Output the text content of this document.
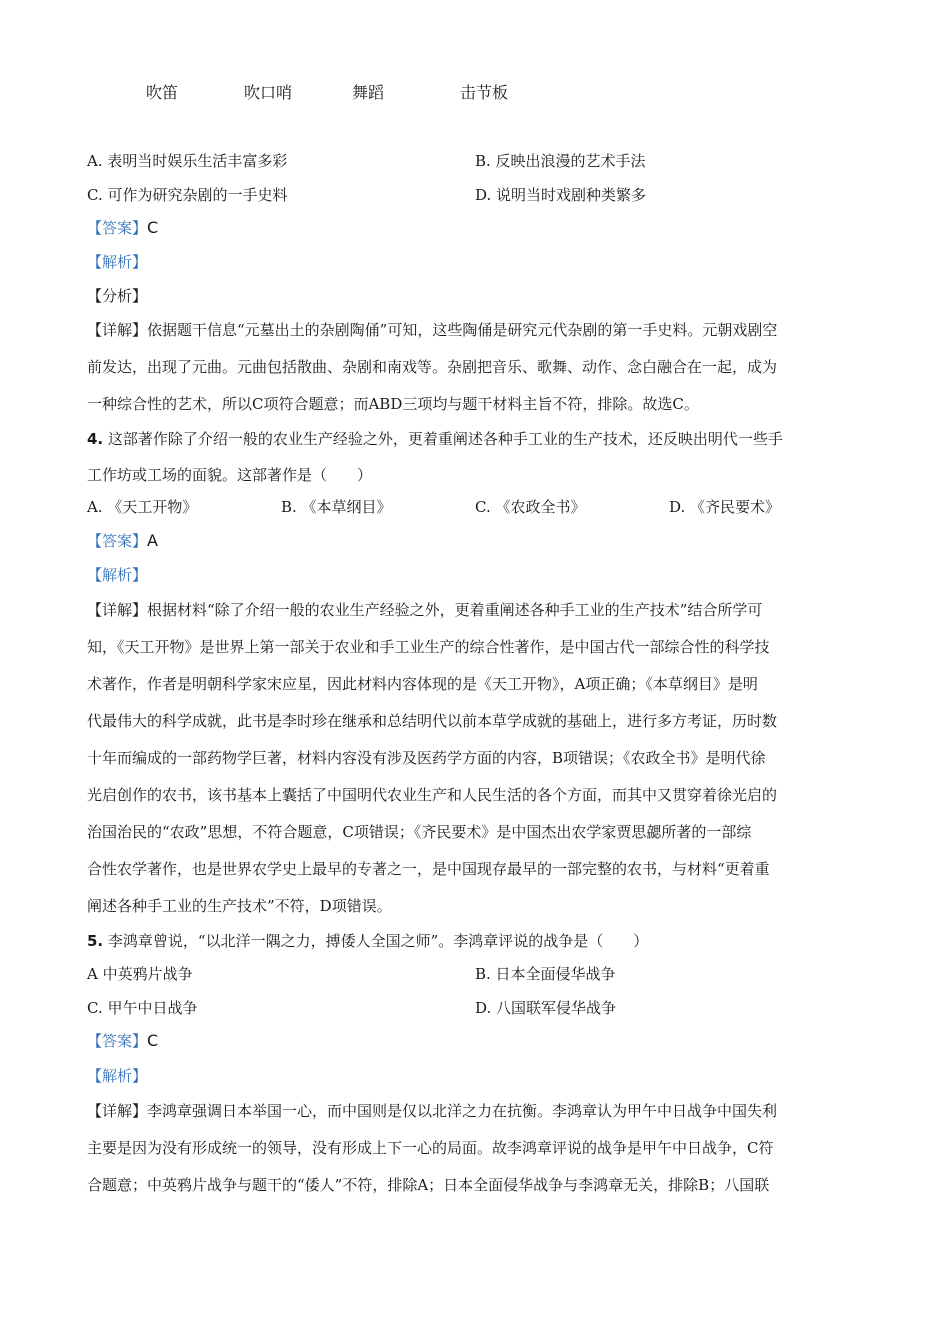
吹笛	吹口哨	舞蹈	击节板
A. 表明当时娱乐生活丰富多彩	B. 反映出浪漫的艺术手法
C. 可作为研究杂剧的一手史料	D. 说明当时戏剧种类繁多
【答案】C
【解析】
【分析】
【详解】依据题干信息“元墓出土的杂剧陶俑”可知，这些陶俑是研究元代杂剧的第一手史料。元朝戏剧空
前发达，出现了元曲。元曲包括散曲、杂剧和南戏等。杂剧把音乐、歌舞、动作、念白融合在一起，成为
一种综合性的艺术，所以C项符合题意；而ABD三项均与题干材料主旨不符，排除。故选C。
4. 这部著作除了介绍一般的农业生产经验之外，更着重阐述各种手工业的生产技术，还反映出明代一些手
工作坊或工场的面貌。这部著作是（　　）
A. 《天工开物》	B. 《本草纲目》	C. 《农政全书》	D. 《齐民要术》
【答案】A
【解析】
【详解】根据材料“除了介绍一般的农业生产经验之外，更着重阐述各种手工业的生产技术”结合所学可
知，《天工开物》是世界上第一部关于农业和手工业生产的综合性著作，是中国古代一部综合性的科学技
术著作，作者是明朝科学家宋应星，因此材料内容体现的是《天工开物》，A项正确；《本草纲目》是明
代最伟大的科学成就，此书是李时珍在继承和总结明代以前本草学成就的基础上，进行多方考证，历时数
十年而编成的一部药物学巨著，材料内容没有涉及医药学方面的内容，B项错误；《农政全书》是明代徐
光启创作的农书，该书基本上囊括了中国明代农业生产和人民生活的各个方面，而其中又贯穿着徐光启的
治国治民的“农政”思想，不符合题意，C项错误；《齐民要术》是中国杰出农学家贾思勰所著的一部综
合性农学著作，也是世界农学史上最早的专著之一，是中国现存最早的一部完整的农书，与材料“更着重
阐述各种手工业的生产技术”不符，D项错误。
5. 李鸿章曾说，“以北洋一隅之力，搏倭人全国之师”。李鸿章评说的战争是（　　）
A 中英鸦片战争	B. 日本全面侵华战争
C. 甲午中日战争	D. 八国联军侵华战争
【答案】C
【解析】
【详解】李鸿章强调日本举国一心，而中国则是仅以北洋之力在抗衡。李鸿章认为甲午中日战争中国失利
主要是因为没有形成统一的领导，没有形成上下一心的局面。故李鸿章评说的战争是甲午中日战争，C符
合题意；中英鸦片战争与题干的“倭人”不符，排除A；日本全面侵华战争与李鸿章无关，排除B；八国联
